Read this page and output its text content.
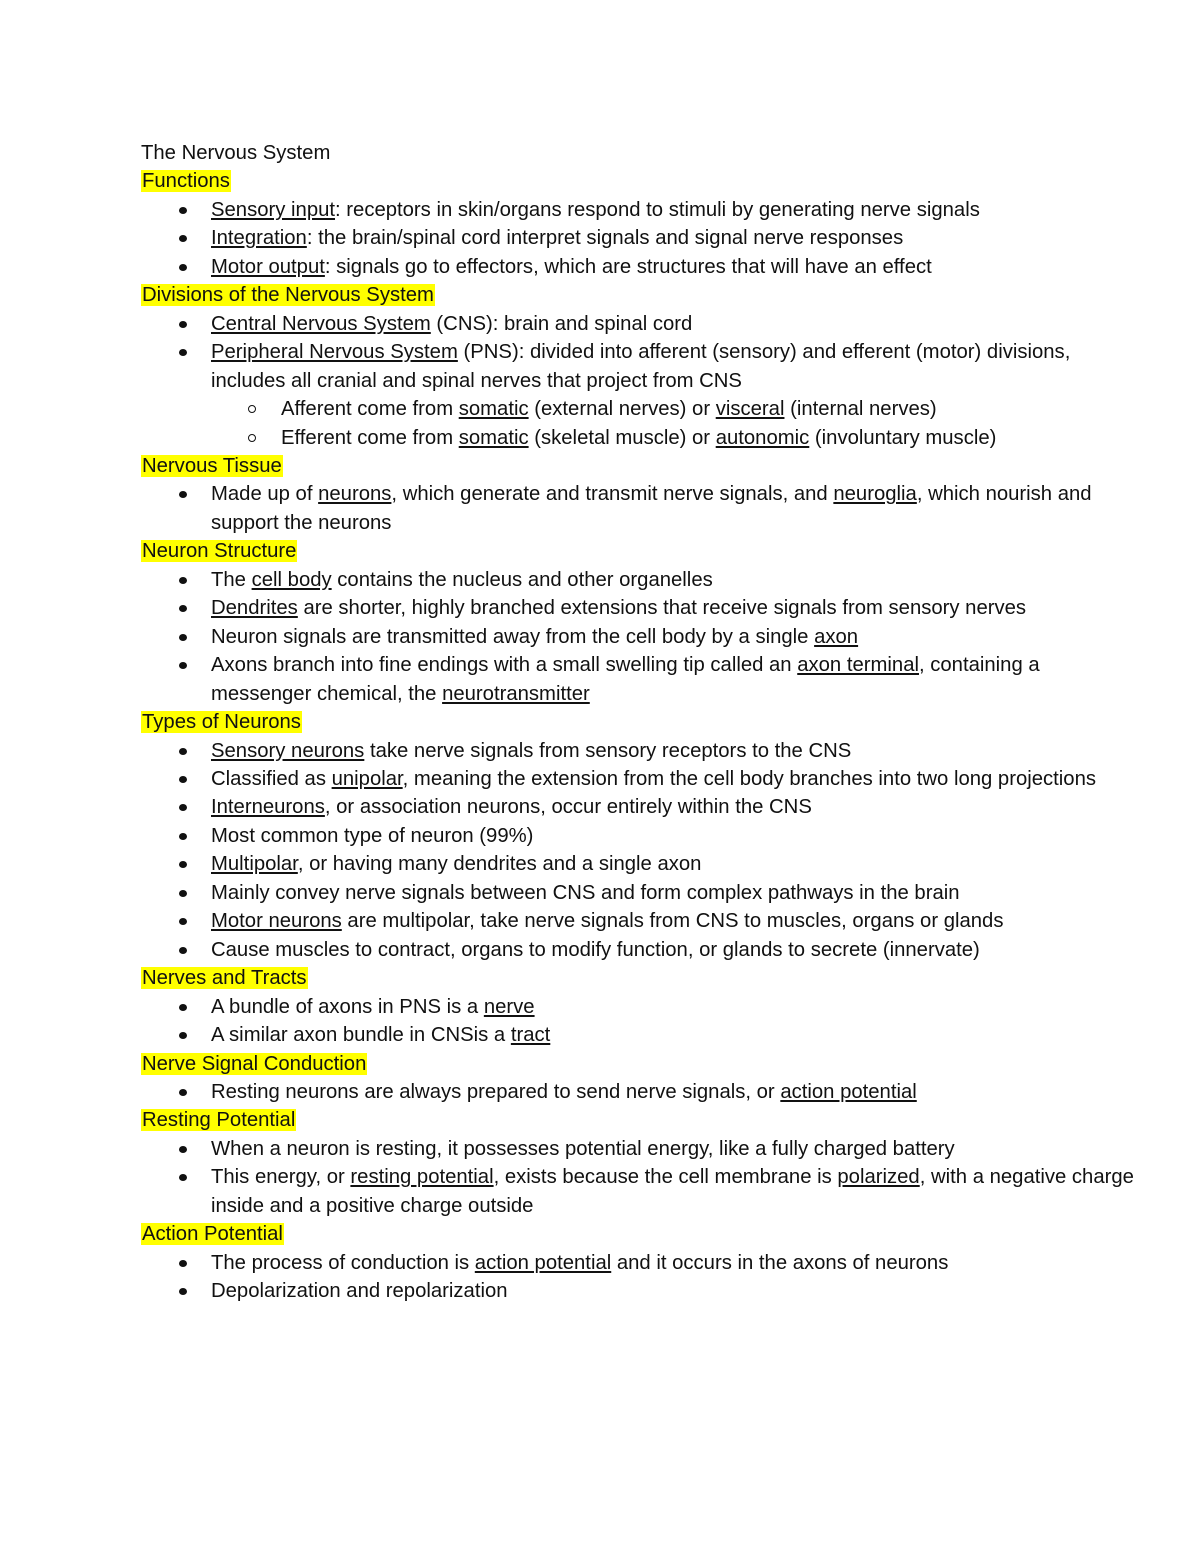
The Nervous System
Functions
Sensory input: receptors in skin/organs respond to stimuli by generating nerve signals
Integration: the brain/spinal cord interpret signals and signal nerve responses
Motor output: signals go to effectors, which are structures that will have an effect
Divisions of the Nervous System
Central Nervous System (CNS): brain and spinal cord
Peripheral Nervous System (PNS): divided into afferent (sensory) and efferent (motor) divisions, includes all cranial and spinal nerves that project from CNS
Afferent come from somatic (external nerves) or visceral (internal nerves)
Efferent come from somatic (skeletal muscle) or autonomic (involuntary muscle)
Nervous Tissue
Made up of neurons, which generate and transmit nerve signals, and neuroglia, which nourish and support the neurons
Neuron Structure
The cell body contains the nucleus and other organelles
Dendrites are shorter, highly branched extensions that receive signals from sensory nerves
Neuron signals are transmitted away from the cell body by a single axon
Axons branch into fine endings with a small swelling tip called an axon terminal, containing a messenger chemical, the neurotransmitter
Types of Neurons
Sensory neurons take nerve signals from sensory receptors to the CNS
Classified as unipolar, meaning the extension from the cell body branches into two long projections
Interneurons, or association neurons, occur entirely within the CNS
Most common type of neuron (99%)
Multipolar, or having many dendrites and a single axon
Mainly convey nerve signals between CNS and form complex pathways in the brain
Motor neurons are multipolar, take nerve signals from CNS to muscles, organs or glands
Cause muscles to contract, organs to modify function, or glands to secrete (innervate)
Nerves and Tracts
A bundle of axons in PNS is a nerve
A similar axon bundle in CNSis a tract
Nerve Signal Conduction
Resting neurons are always prepared to send nerve signals, or action potential
Resting Potential
When a neuron is resting, it possesses potential energy, like a fully charged battery
This energy, or resting potential, exists because the cell membrane is polarized, with a negative charge inside and a positive charge outside
Action Potential
The process of conduction is action potential and it occurs in the axons of neurons
Depolarization and repolarization
